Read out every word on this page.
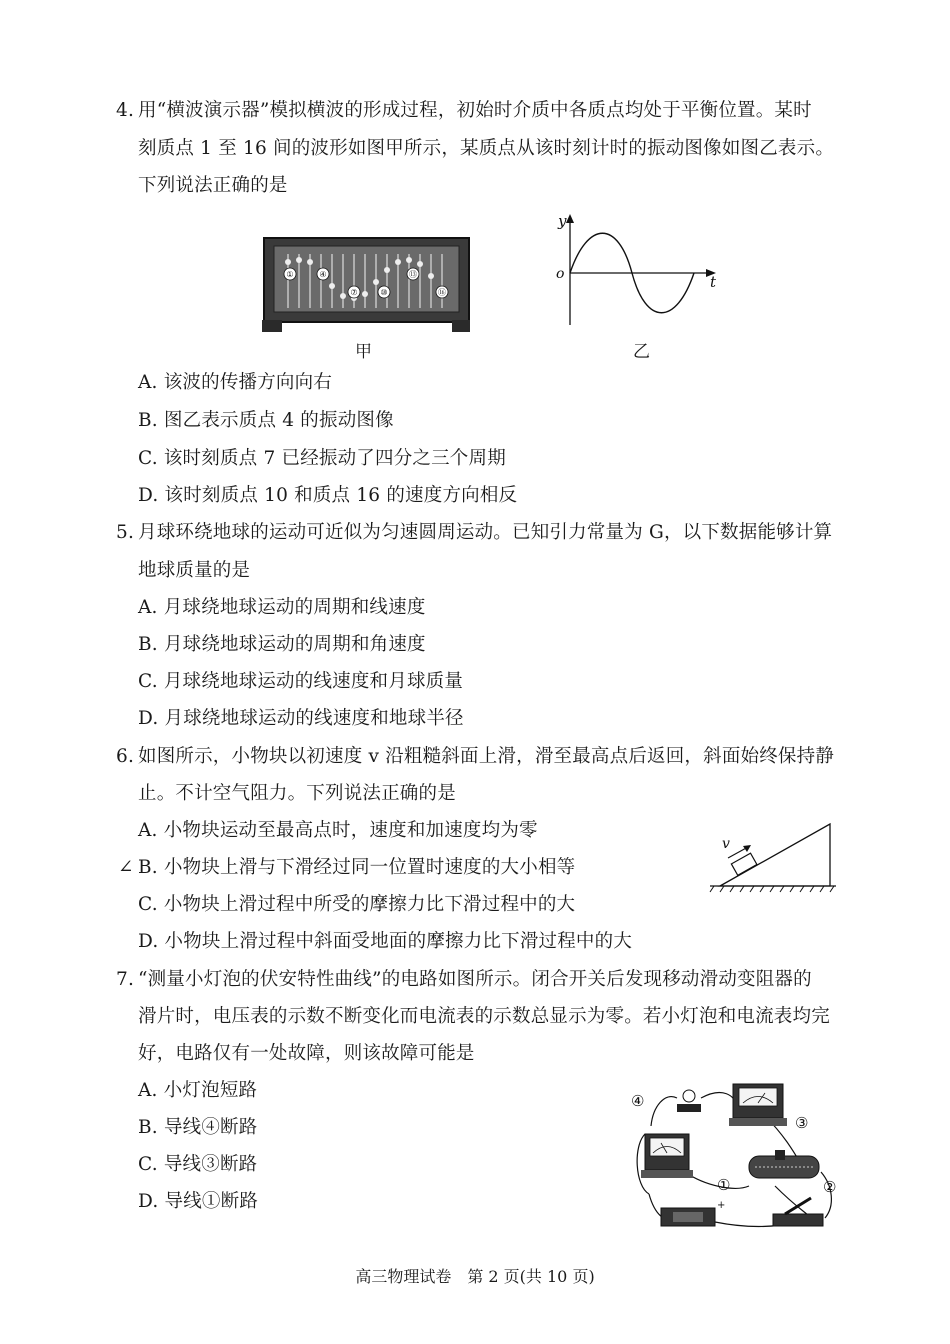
4. 用“横波演示器”模拟横波的形成过程，初始时介质中各质点均处于平衡位置。某时
刻质点 1 至 16 间的波形如图甲所示，某质点从该时刻计时的振动图像如图乙表示。
下列说法正确的是
①	④
⑦	⑩
⑬
⑯
甲
y
t
o
乙
A. 该波的传播方向向右
B. 图乙表示质点 4 的振动图像
C. 该时刻质点 7 已经振动了四分之三个周期
D. 该时刻质点 10 和质点 16 的速度方向相反
5. 月球环绕地球的运动可近似为匀速圆周运动。已知引力常量为 G，以下数据能够计算
地球质量的是
A. 月球绕地球运动的周期和线速度
B. 月球绕地球运动的周期和角速度
C. 月球绕地球运动的线速度和月球质量
D. 月球绕地球运动的线速度和地球半径
6. 如图所示，小物块以初速度 v 沿粗糙斜面上滑，滑至最高点后返回，斜面始终保持静
止。不计空气阻力。下列说法正确的是
A. 小物块运动至最高点时，速度和加速度均为零
∠ B. 小物块上滑与下滑经过同一位置时速度的大小相等
C. 小物块上滑过程中所受的摩擦力比下滑过程中的大
D. 小物块上滑过程中斜面受地面的摩擦力比下滑过程中的大
v
7. “测量小灯泡的伏安特性曲线”的电路如图所示。闭合开关后发现移动滑动变阻器的
滑片时，电压表的示数不断变化而电流表的示数总显示为零。若小灯泡和电流表均完
好，电路仅有一处故障，则该故障可能是
A. 小灯泡短路
B. 导线④断路
C. 导线③断路
D. 导线①断路
④
③
①	②
+
高三物理试卷　第 2 页(共 10 页)
